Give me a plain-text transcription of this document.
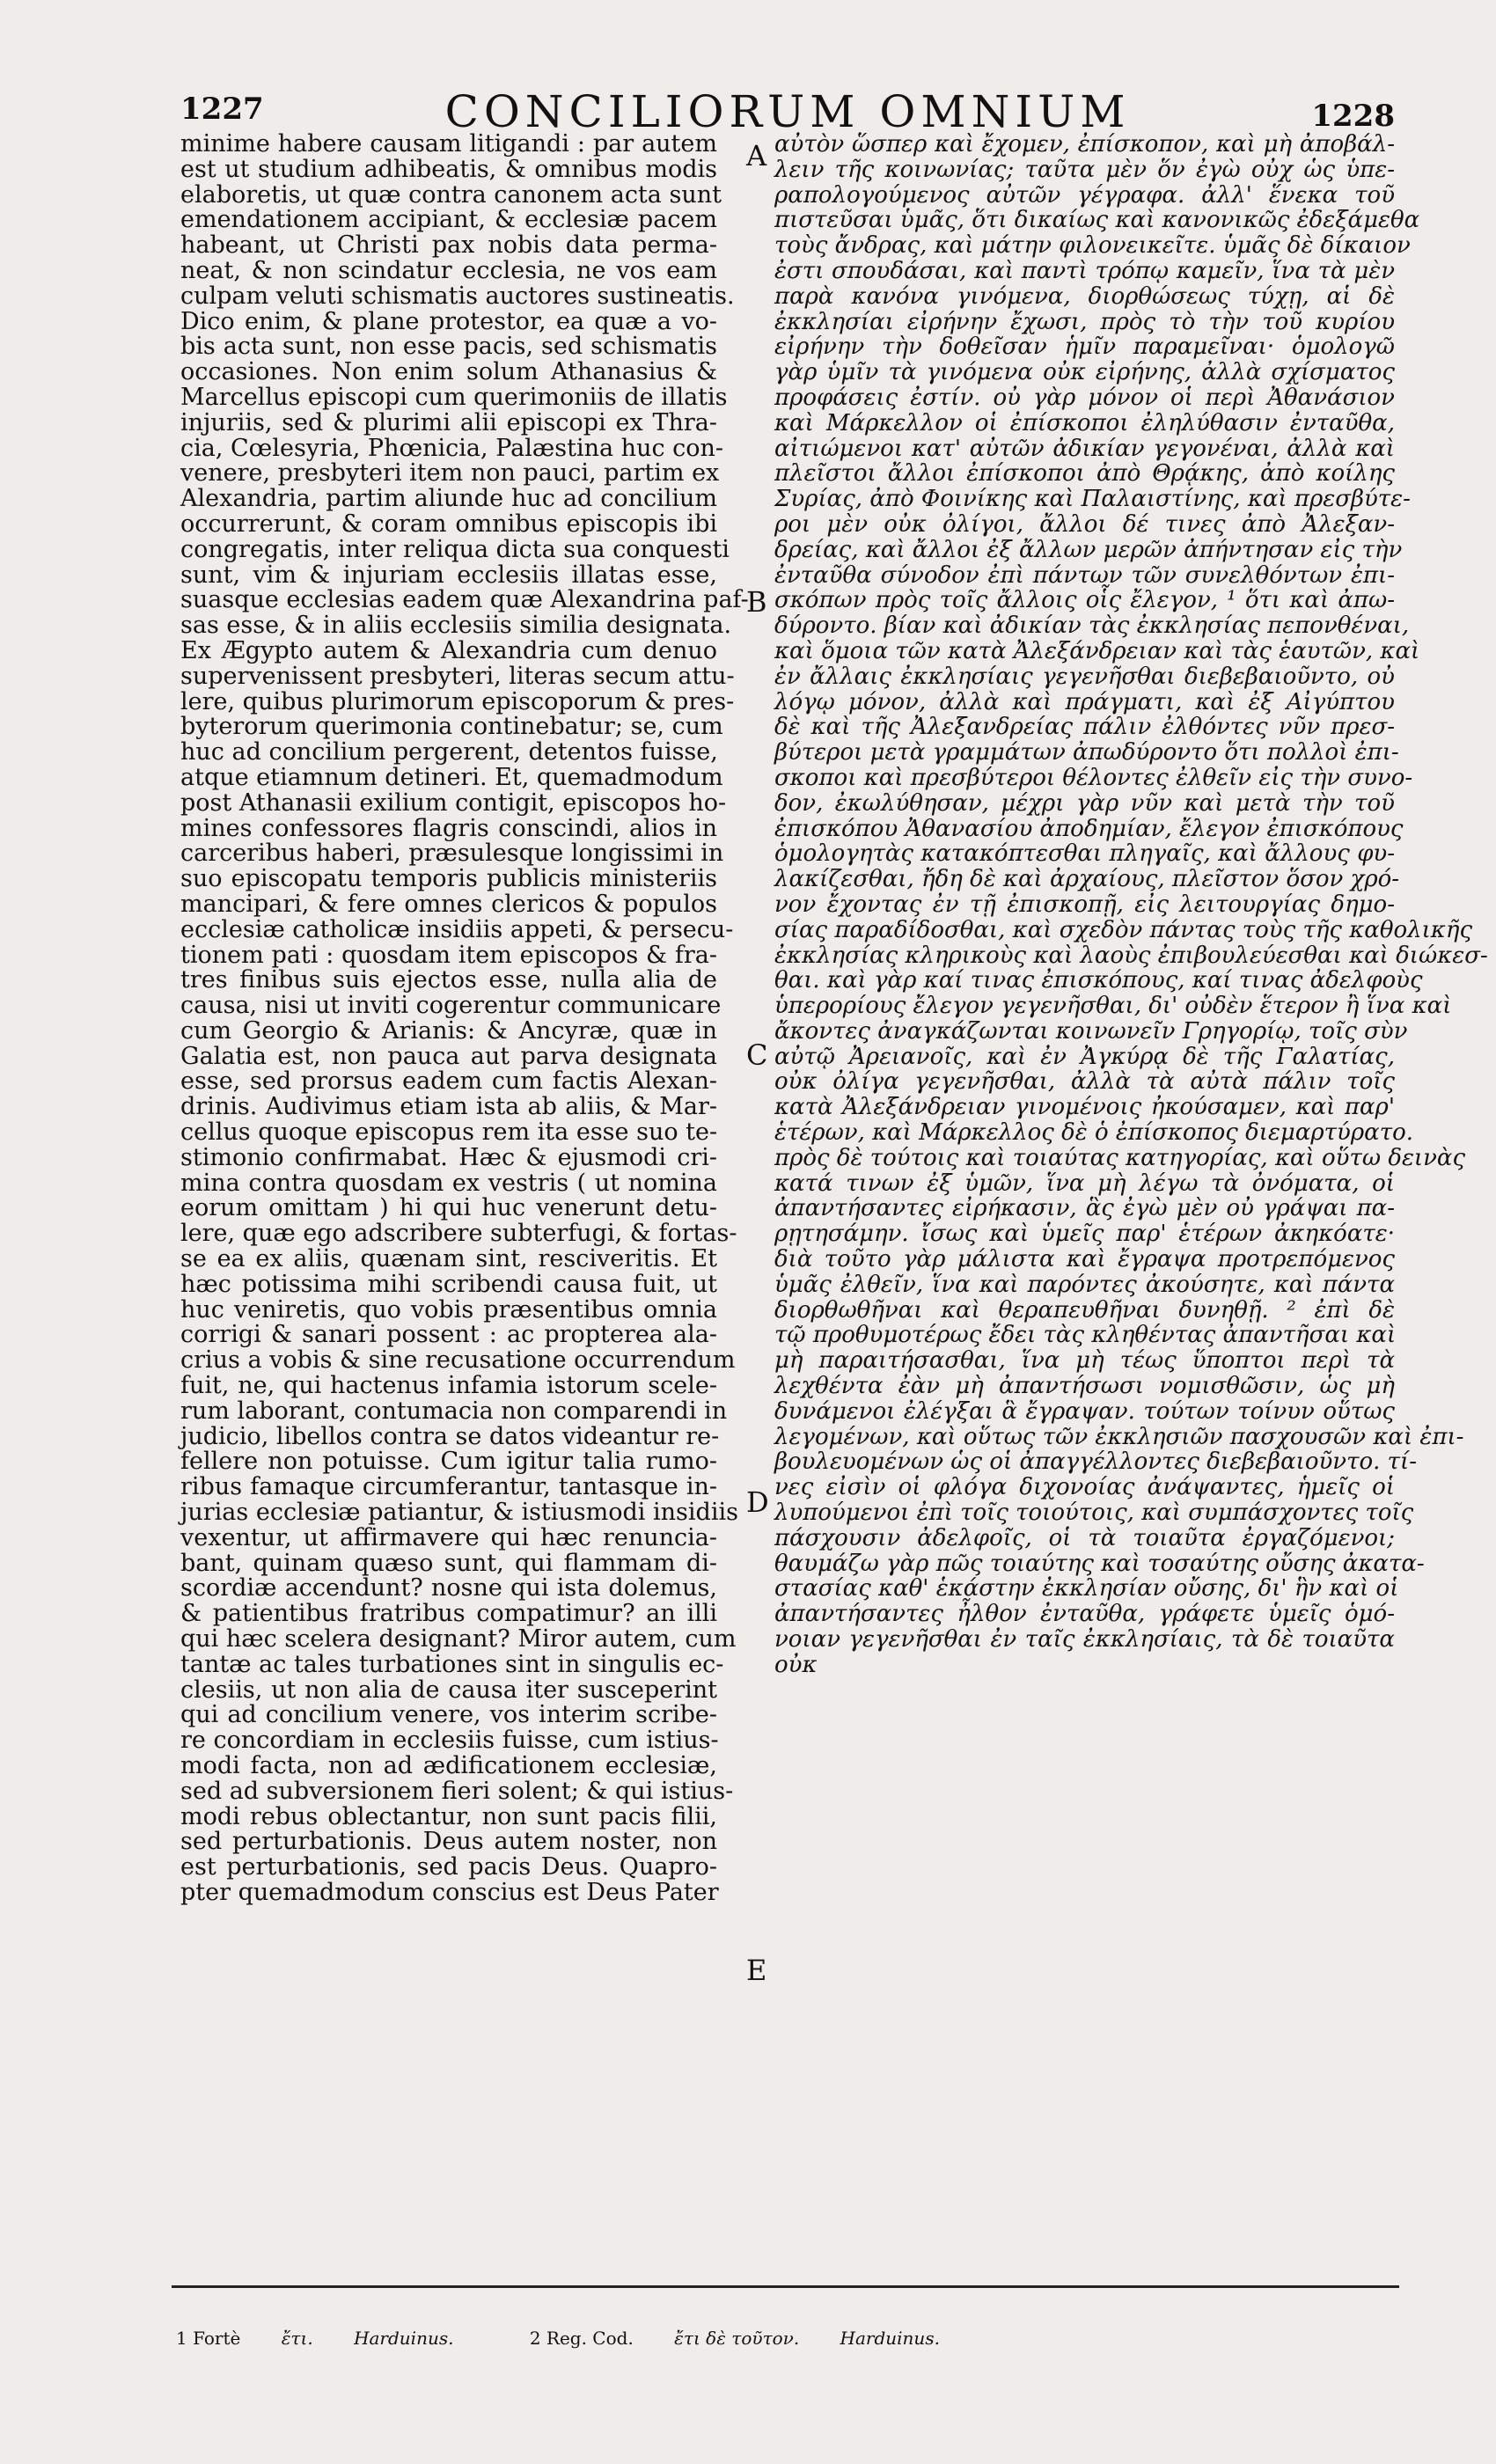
1227	CONCILIORUM OMNIUM	1228
minime habere causam litigandi : par autem
est ut studium adhibeatis, & omnibus modis
elaboretis, ut quæ contra canonem acta sunt
emendationem accipiant, & ecclesiæ pacem
habeant, ut Christi pax nobis data perma-
neat, & non scindatur ecclesia, ne vos eam
culpam veluti schismatis auctores sustineatis.
Dico enim, & plane protestor, ea quæ a vo-
bis acta sunt, non esse pacis, sed schismatis
occasiones. Non enim solum Athanasius &
Marcellus episcopi cum querimoniis de illatis
injuriis, sed & plurimi alii episcopi ex Thra-
cia, Cœlesyria, Phœnicia, Palæstina huc con-
venere, presbyteri item non pauci, partim ex
Alexandria, partim aliunde huc ad concilium
occurrerunt, & coram omnibus episcopis ibi
congregatis, inter reliqua dicta sua conquesti
sunt, vim & injuriam ecclesiis illatas esse,
suasque ecclesias eadem quæ Alexandrina paf-
sas esse, & in aliis ecclesiis similia designata.
Ex Ægypto autem & Alexandria cum denuo
supervenissent presbyteri, literas secum attu-
lere, quibus plurimorum episcoporum & pres-
byterorum querimonia continebatur; se, cum
huc ad concilium pergerent, detentos fuisse,
atque etiamnum detineri. Et, quemadmodum
post Athanasii exilium contigit, episcopos ho-
mines confessores flagris conscindi, alios in
carceribus haberi, præsulesque longissimi in
suo episcopatu temporis publicis ministeriis
mancipari, & fere omnes clericos & populos
ecclesiæ catholicæ insidiis appeti, & persecu-
tionem pati : quosdam item episcopos & fra-
tres finibus suis ejectos esse, nulla alia de
causa, nisi ut inviti cogerentur communicare
cum Georgio & Arianis: & Ancyræ, quæ in
Galatia est, non pauca aut parva designata
esse, sed prorsus eadem cum factis Alexan-
drinis. Audivimus etiam ista ab aliis, & Mar-
cellus quoque episcopus rem ita esse suo te-
stimonio confirmabat. Hæc & ejusmodi cri-
mina contra quosdam ex vestris ( ut nomina
eorum omittam ) hi qui huc venerunt detu-
lere, quæ ego adscribere subterfugi, & fortas-
se ea ex aliis, quænam sint, resciveritis. Et
hæc potissima mihi scribendi causa fuit, ut
huc veniretis, quo vobis præsentibus omnia
corrigi & sanari possent : ac propterea ala-
crius a vobis & sine recusatione occurrendum
fuit, ne, qui hactenus infamia istorum scele-
rum laborant, contumacia non comparendi in
judicio, libellos contra se datos videantur re-
fellere non potuisse. Cum igitur talia rumo-
ribus famaque circumferantur, tantasque in-
jurias ecclesiæ patiantur, & istiusmodi insidiis
vexentur, ut affirmavere qui hæc renuncia-
bant, quinam quæso sunt, qui flammam di-
scordiæ accendunt? nosne qui ista dolemus,
& patientibus fratribus compatimur? an illi
qui hæc scelera designant? Miror autem, cum
tantæ ac tales turbationes sint in singulis ec-
clesiis, ut non alia de causa iter susceperint
qui ad concilium venere, vos interim scribe-
re concordiam in ecclesiis fuisse, cum istius-
modi facta, non ad ædificationem ecclesiæ,
sed ad subversionem fieri solent; & qui istius-
modi rebus oblectantur, non sunt pacis filii,
sed perturbationis. Deus autem noster, non
est perturbationis, sed pacis Deus. Quapro-
pter quemadmodum conscius est Deus Pater
αὐτὸν ὥσπερ καὶ ἔχομεν, ἐπίσκοπον, καὶ μὴ ἀποβάλ-
λειν τῆς κοινωνίας; ταῦτα μὲν ὅν ἐγὼ οὐχ ὡς ὑπε-
ραπολογούμενος αὐτῶν γέγραφα. ἀλλ' ἕνεκα τοῦ
πιστεῦσαι ὑμᾶς, ὅτι δικαίως καὶ κανονικῶς ἐδεξάμεθα
τοὺς ἄνδρας, καὶ μάτην φιλονεικεῖτε. ὑμᾶς δὲ δίκαιον
ἐστι σπουδάσαι, καὶ παντὶ τρόπῳ καμεῖν, ἵνα τὰ μὲν
παρὰ κανόνα γινόμενα, διορθώσεως τύχῃ, αἱ δὲ
ἐκκλησίαι εἰρήνην ἔχωσι, πρὸς τὸ τὴν τοῦ κυρίου
εἰρήνην τὴν δοθεῖσαν ἡμῖν παραμεῖναι· ὁμολογῶ
γὰρ ὑμῖν τὰ γινόμενα οὐκ εἰρήνης, ἀλλὰ σχίσματος
προφάσεις ἐστίν. οὐ γὰρ μόνον οἱ περὶ Ἀθανάσιον
καὶ Μάρκελλον οἱ ἐπίσκοποι ἐληλύθασιν ἐνταῦθα,
αἰτιώμενοι κατ' αὐτῶν ἀδικίαν γεγονέναι, ἀλλὰ καὶ
πλεῖστοι ἄλλοι ἐπίσκοποι ἀπὸ Θρᾴκης, ἀπὸ κοίλης
Συρίας, ἀπὸ Φοινίκης καὶ Παλαιστίνης, καὶ πρεσβύτε-
ροι μὲν οὐκ ὀλίγοι, ἄλλοι δέ τινες ἀπὸ Ἀλεξαν-
δρείας, καὶ ἄλλοι ἐξ ἄλλων μερῶν ἀπήντησαν εἰς τὴν
ἐνταῦθα σύνοδον ἐπὶ πάντων τῶν συνελθόντων ἐπι-
σκόπων πρὸς τοῖς ἄλλοις οἷς ἔλεγον, ¹ ὅτι καὶ ἀπω-
δύροντο. βίαν καὶ ἀδικίαν τὰς ἐκκλησίας πεπονθέναι,
καὶ ὅμοια τῶν κατὰ Ἀλεξάνδρειαν καὶ τὰς ἑαυτῶν, καὶ
ἐν ἄλλαις ἐκκλησίαις γεγενῆσθαι διεβεβαιοῦντο, οὐ
λόγῳ μόνον, ἀλλὰ καὶ πράγματι, καὶ ἐξ Αἰγύπτου
δὲ καὶ τῆς Ἀλεξανδρείας πάλιν ἐλθόντες νῦν πρεσ-
βύτεροι μετὰ γραμμάτων ἀπωδύροντο ὅτι πολλοὶ ἐπι-
σκοποι καὶ πρεσβύτεροι θέλοντες ἐλθεῖν εἰς τὴν συνο-
δον, ἐκωλύθησαν, μέχρι γὰρ νῦν καὶ μετὰ τὴν τοῦ
ἐπισκόπου Ἀθανασίου ἀποδημίαν, ἔλεγον ἐπισκόπους
ὁμολογητὰς κατακόπτεσθαι πληγαῖς, καὶ ἄλλους φυ-
λακίζεσθαι, ἤδη δὲ καὶ ἀρχαίους, πλεῖστον ὅσον χρό-
νον ἔχοντας ἐν τῇ ἐπισκοπῇ, εἰς λειτουργίας δημο-
σίας παραδίδοσθαι, καὶ σχεδὸν πάντας τοὺς τῆς καθολικῆς
ἐκκλησίας κληρικοὺς καὶ λαοὺς ἐπιβουλεύεσθαι καὶ διώκεσ-
θαι. καὶ γὰρ καί τινας ἐπισκόπους, καί τινας ἀδελφοὺς
ὑπερορίους ἔλεγον γεγενῆσθαι, δι' οὐδὲν ἕτερον ἢ ἵνα καὶ
ἄκοντες ἀναγκάζωνται κοινωνεῖν Γρηγορίῳ, τοῖς σὺν
αὐτῷ Ἀρειανοῖς, καὶ ἐν Ἀγκύρᾳ δὲ τῆς Γαλατίας,
οὐκ ὀλίγα γεγενῆσθαι, ἀλλὰ τὰ αὐτὰ πάλιν τοῖς
κατὰ Ἀλεξάνδρειαν γινομένοις ἠκούσαμεν, καὶ παρ'
ἑτέρων, καὶ Μάρκελλος δὲ ὁ ἐπίσκοπος διεμαρτύρατο.
πρὸς δὲ τούτοις καὶ τοιαύτας κατηγορίας, καὶ οὕτω δεινὰς
κατά τινων ἐξ ὑμῶν, ἵνα μὴ λέγω τὰ ὀνόματα, οἱ
ἀπαντήσαντες εἰρήκασιν, ἃς ἐγὼ μὲν οὐ γράψαι πα-
ρῃτησάμην. ἴσως καὶ ὑμεῖς παρ' ἑτέρων ἀκηκόατε·
διὰ τοῦτο γὰρ μάλιστα καὶ ἔγραψα προτρεπόμενος
ὑμᾶς ἐλθεῖν, ἵνα καὶ παρόντες ἀκούσητε, καὶ πάντα
διορθωθῆναι καὶ θεραπευθῆναι δυνηθῇ. ² ἐπὶ δὲ
τῷ προθυμοτέρως ἔδει τὰς κληθέντας ἀπαντῆσαι καὶ
μὴ παραιτήσασθαι, ἵνα μὴ τέως ὕποπτοι περὶ τὰ
λεχθέντα ἐὰν μὴ ἀπαντήσωσι νομισθῶσιν, ὡς μὴ
δυνάμενοι ἐλέγξαι ἃ ἔγραψαν. τούτων τοίνυν οὕτως
λεγομένων, καὶ οὕτως τῶν ἐκκλησιῶν πασχουσῶν καὶ ἐπι-
βουλευομένων ὡς οἱ ἀπαγγέλλοντες διεβεβαιοῦντο. τί-
νες εἰσὶν οἱ φλόγα διχονοίας ἀνάψαντες, ἡμεῖς οἱ
λυπούμενοι ἐπὶ τοῖς τοιούτοις, καὶ συμπάσχοντες τοῖς
πάσχουσιν ἀδελφοῖς, οἱ τὰ τοιαῦτα ἐργαζόμενοι;
θαυμάζω γὰρ πῶς τοιαύτης καὶ τοσαύτης οὔσης ἀκατα-
στασίας καθ' ἑκάστην ἐκκλησίαν οὔσης, δι' ἣν καὶ οἱ
ἀπαντήσαντες ἦλθον ἐνταῦθα, γράφετε ὑμεῖς ὁμό-
νοιαν γεγενῆσθαι ἐν ταῖς ἐκκλησίαις, τὰ δὲ τοιαῦτα
οὐκ
A
B
C
D
E
1 Fortè ἔτι. Harduinus.	2 Reg. Cod. ἔτι δὲ τοῦτον. Harduinus.
